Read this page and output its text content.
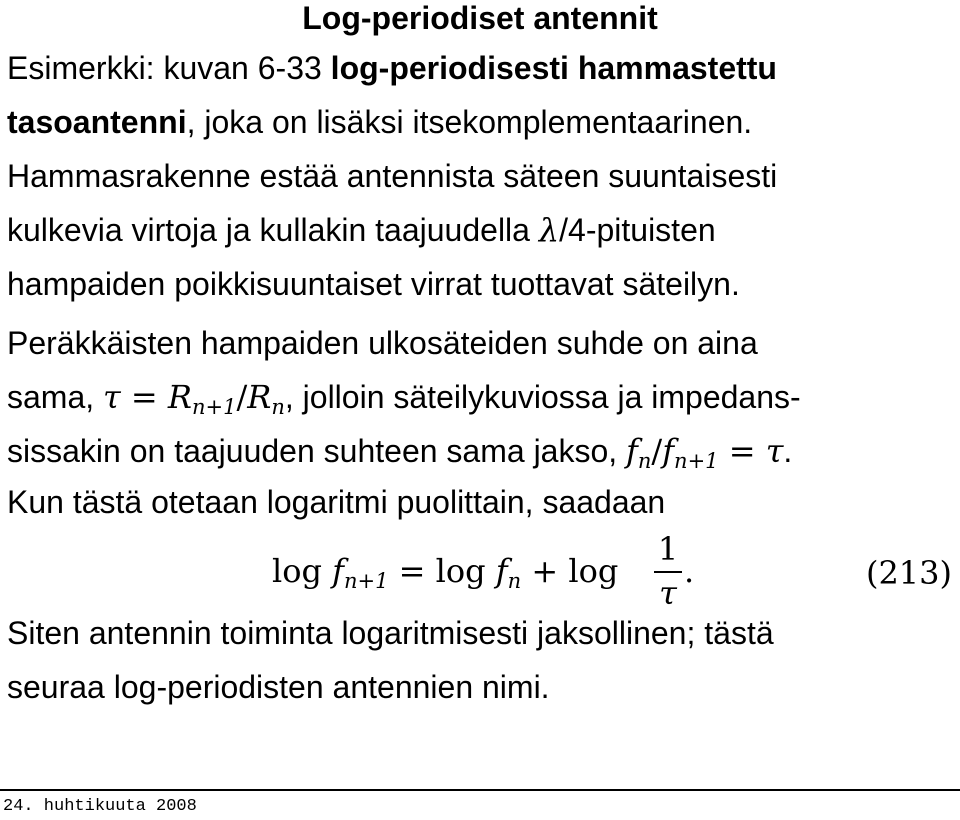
Log-periodiset antennit
Esimerkki: kuvan 6-33 log-periodisesti hammastettu
tasoantenni, joka on lisäksi itsekomplementaarinen.
Hammasrakenne estää antennista säteen suuntaisesti
kulkevia virtoja ja kullakin taajuudella λ/4-pituisten
hampaiden poikkisuuntaiset virrat tuottavat säteilyn.
Peräkkäisten hampaiden ulkosäteiden suhde on aina
sama, $\tau = R_{n+1}/R_n$, jolloin säteilykuviossa ja impedans-
sissakin on taajuuden suhteen sama jakso, $f_n/f_{n+1} = \tau$.
Kun tästä otetaan logaritmi puolittain, saadaan
$\log f_{n+1} = \log f_n + \log$
1
τ
.	(213)
Siten antennin toiminta logaritmisesti jaksollinen; tästä
seuraa log-periodisten antennien nimi.
24. huhtikuuta 2008
